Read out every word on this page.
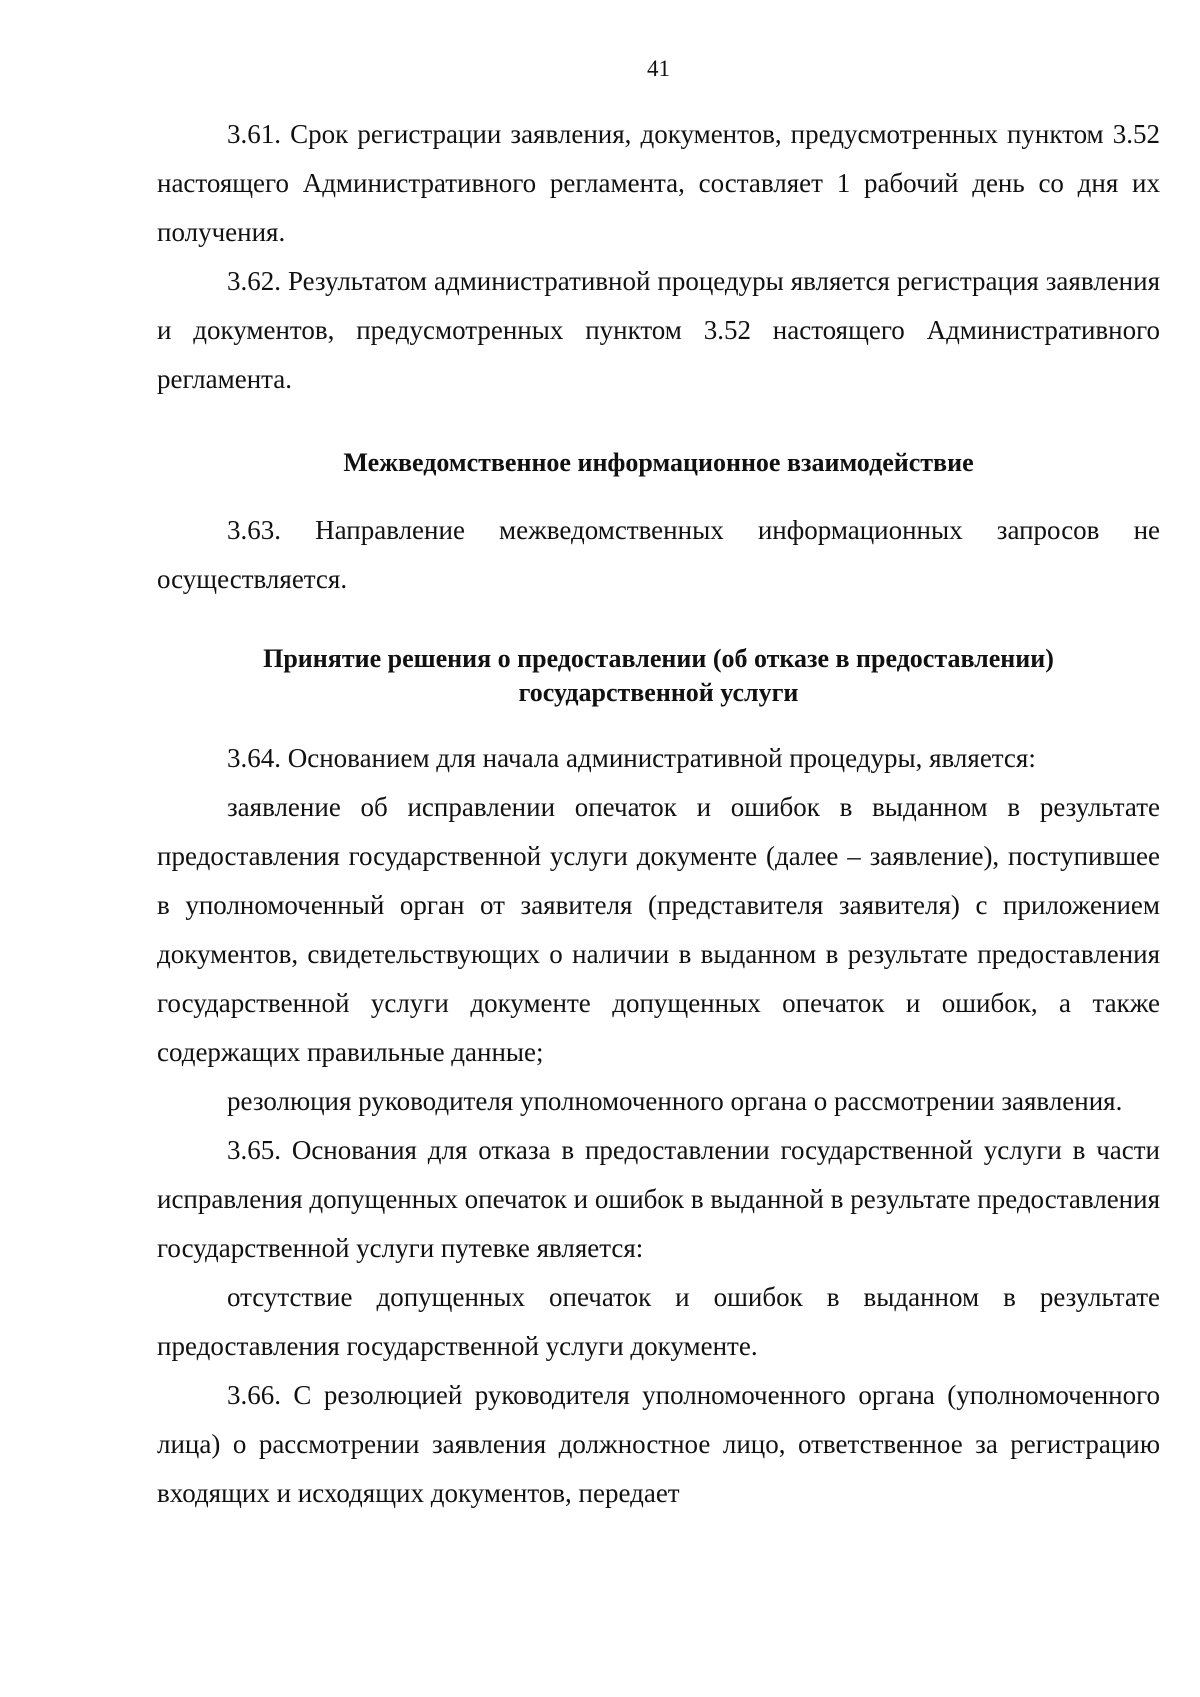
41

3.61. Срок регистрации заявления, документов, предусмотренных пунктом 3.52 настоящего Административного регламента, составляет 1 рабочий день со дня их получения.

3.62. Результатом административной процедуры является регистрация заявления и документов, предусмотренных пунктом 3.52 настоящего Административного регламента.

Межведомственное информационное взаимодействие

3.63. Направление межведомственных информационных запросов не осуществляется.

Принятие решения о предоставлении (об отказе в предоставлении)
государственной услуги

3.64. Основанием для начала административной процедуры, является:

заявление об исправлении опечаток и ошибок в выданном в результате предоставления государственной услуги документе (далее – заявление), поступившее в уполномоченный орган от заявителя (представителя заявителя) с приложением документов, свидетельствующих о наличии в выданном в результате предоставления государственной услуги документе допущенных опечаток и ошибок, а также содержащих правильные данные;

резолюция руководителя уполномоченного органа о рассмотрении заявления.

3.65. Основания для отказа в предоставлении государственной услуги в части исправления допущенных опечаток и ошибок в выданной в результате предоставления государственной услуги путевке является:

отсутствие допущенных опечаток и ошибок в выданном в результате предоставления государственной услуги документе.

3.66. С резолюцией руководителя уполномоченного органа (уполномоченного лица) о рассмотрении заявления должностное лицо, ответственное за регистрацию входящих и исходящих документов, передает
